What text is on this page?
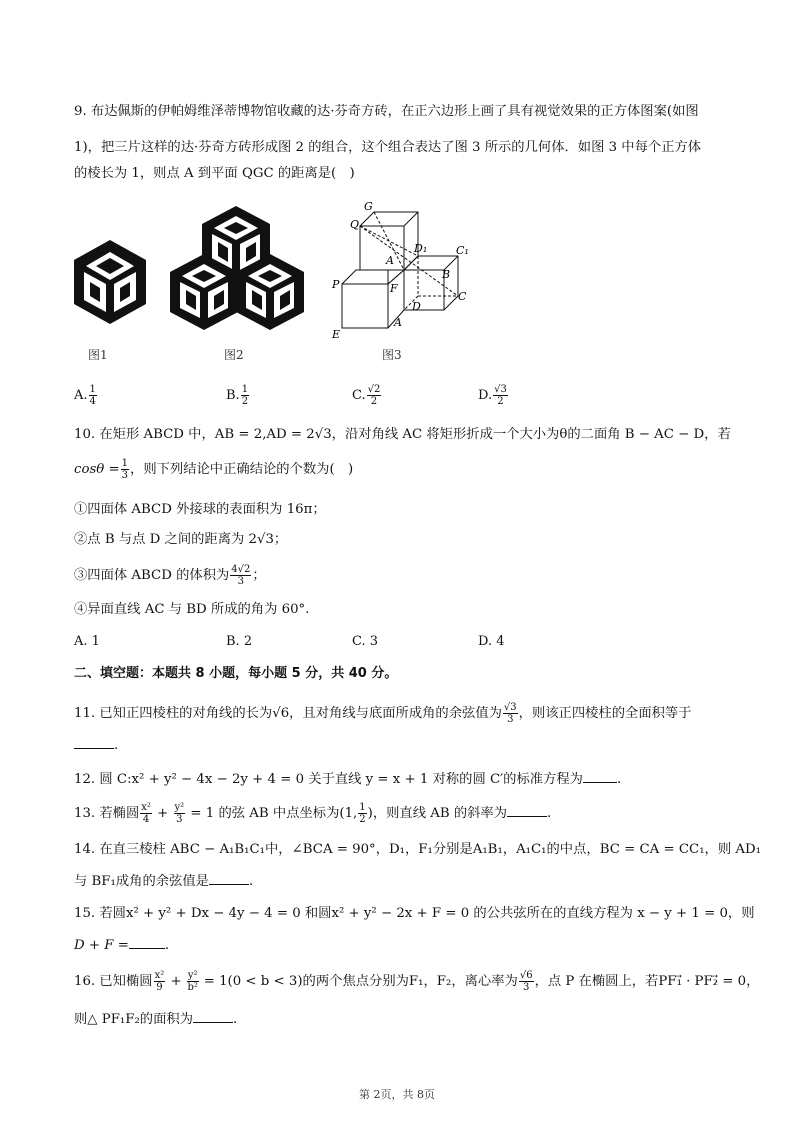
9. 布达佩斯的伊帕姆维泽蒂博物馆收藏的达·芬奇方砖，在正六边形上画了具有视觉效果的正方体图案(如图
1)，把三片这样的达·芬奇方砖形成图 2 的组合，这个组合表达了图 3 所示的几何体．如图 3 中每个正方体
的棱长为 1，则点 A 到平面 QGC 的距离是(　)
图1	图2
Q
G
D₁	C₁
A
B
P	F
C
D
E
A
图3
A. $\frac{1}{4}$	B. $\frac{1}{2}$	C. $\frac{√2}{2}$	D. $\frac{√3}{2}$
10. 在矩形 ABCD 中，AB = 2,AD = 2√3，沿对角线 AC 将矩形折成一个大小为θ的二面角 B − AC − D，若
$\cos\theta = \frac{1}{3}$ ，则下列结论中正确结论的个数为(　)
①四面体 ABCD 外接球的表面积为 16π；
②点 B 与点 D 之间的距离为 2√3；
③四面体 ABCD 的体积为 $\frac{4√2}{3}$ ；
④异面直线 AC 与 BD 所成的角为 60°.
A. 1	B. 2	C. 3	D. 4
二、填空题：本题共 8 小题，每小题 5 分，共 40 分。
11. 已知正四棱柱的对角线的长为√6，且对角线与底面所成角的余弦值为 $\frac{√3}{3}$ ，则该正四棱柱的全面积等于
.
12. 圆 C:x² + y² − 4x − 2y + 4 = 0 关于直线 y = x + 1 对称的圆 C′的标准方程为	.
13. 若椭圆 $\frac{\text{x²}}{4} + \frac{\text{y²}}{3} = 1$ 的弦 AB 中点坐标为(1, $\frac{1}{2}$ )，则直线 AB 的斜率为	.
14. 在直三棱柱 ABC − A₁B₁C₁中，∠BCA = 90°，D₁，F₁分别是A₁B₁，A₁C₁的中点，BC = CA = CC₁，则 AD₁
与 BF₁成角的余弦值是	.
15. 若圆x² + y² + Dx − 4y − 4 = 0 和圆x² + y² − 2x + F = 0 的公共弦所在的直线方程为 x − y + 1 = 0，则
D + F =	.
16. 已知椭圆 $\frac{\text{x²}}{9} + \frac{\text{y²}}{\text{b²}} = 1(0 < b < 3)$的两个焦点分别为F₁，F₂，离心率为 $\frac{√6}{3}$ ，点 P 在椭圆上，若PF₁⃗ · PF₂⃗ = 0，
则△ PF₁F₂的面积为	.
第 2页，共 8页
